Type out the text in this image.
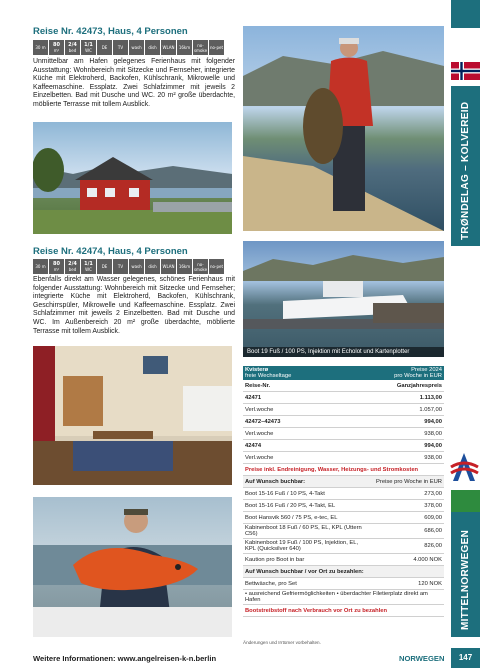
Reise Nr. 42473, Haus, 4 Personen
30 m 80
m²
2/4
bed
1/1
WC
DE	TV wash dish WLAN 16km	no-smoke no-pet
Unmittelbar am Hafen gelegenes Ferienhaus mit folgender Ausstattung: Wohnbereich mit Sitzecke und Fernseher, integrierte Küche mit Elektroherd, Backofen, Kühlschrank, Mikrowelle und Kaffeemaschine. Essplatz. Zwei Schlafzimmer mit jeweils 2 Einzelbetten. Bad mit Dusche und WC. 20 m² große überdachte, möblierte Terrasse mit tollem Ausblick.
Reise Nr. 42474, Haus, 4 Personen
30 m 80
m²
2/4
bed
1/1
WC
DE	TV wash dish WLAN 16km	no-smoke no-pet
Ebenfalls direkt am Wasser gelegenes, schönes Ferienhaus mit folgender Ausstattung: Wohnbereich mit Sitzecke und Fernseher; integrierte Küche mit Elektroherd, Backofen, Kühlschrank, Geschirrspüler, Mikrowelle und Kaffeemaschine. Essplatz. Zwei Schlafzimmer mit jeweils 2 Einzelbetten. Bad mit Dusche und WC. Im Außenbereich 20 m² große überdachte, möblierte Terrasse mit tollem Ausblick.
Boot 19 Fuß / 100 PS, Injektion mit Echolot und Kartenplotter
Kvisterø
freie Wechseltage	Preise 2024
pro Woche in EUR
Reise-Nr.	Ganzjahrespreis
42471	1.113,00
Verl.woche	1.057,00
42472–42473	994,00
Verl.woche	938,00
42474	994,00
Verl.woche	938,00
Preise inkl. Endreinigung, Wasser, Heizungs- und Stromkosten	
Auf Wunsch buchbar:	Preise pro Woche in EUR
Boot 15-16 Fuß / 10 PS, 4-Takt	273,00
Boot 15-16 Fuß / 20 PS, 4-Takt, EL	378,00
Boot Hansvik 560 / 75 PS, e-tec, EL	609,00
Kabinenboot 18 Fuß / 60 PS, EL, KPL (Uttern C56)	686,00
Kabinenboot 19 Fuß / 100 PS, Injektion, EL, KPL (Quicksilver 640)	826,00
Kaution pro Boot in bar	4.000 NOK
Auf Wunsch buchbar / vor Ort zu bezahlen:	
Bettwäsche, pro Set	120 NOK
• ausreichend Gefriermöglichkeiten • überdachter Filetierplatz direkt am Hafen	
Bootstreibstoff nach Verbrauch vor Ort zu bezahlen	
TRØNDELAG – KOLVEREID
MITTELNORWEGEN
Änderungen und Irrtümer vorbehalten.
Weitere Informationen: www.angelreisen-k-n.berlin	NORWEGEN	147
